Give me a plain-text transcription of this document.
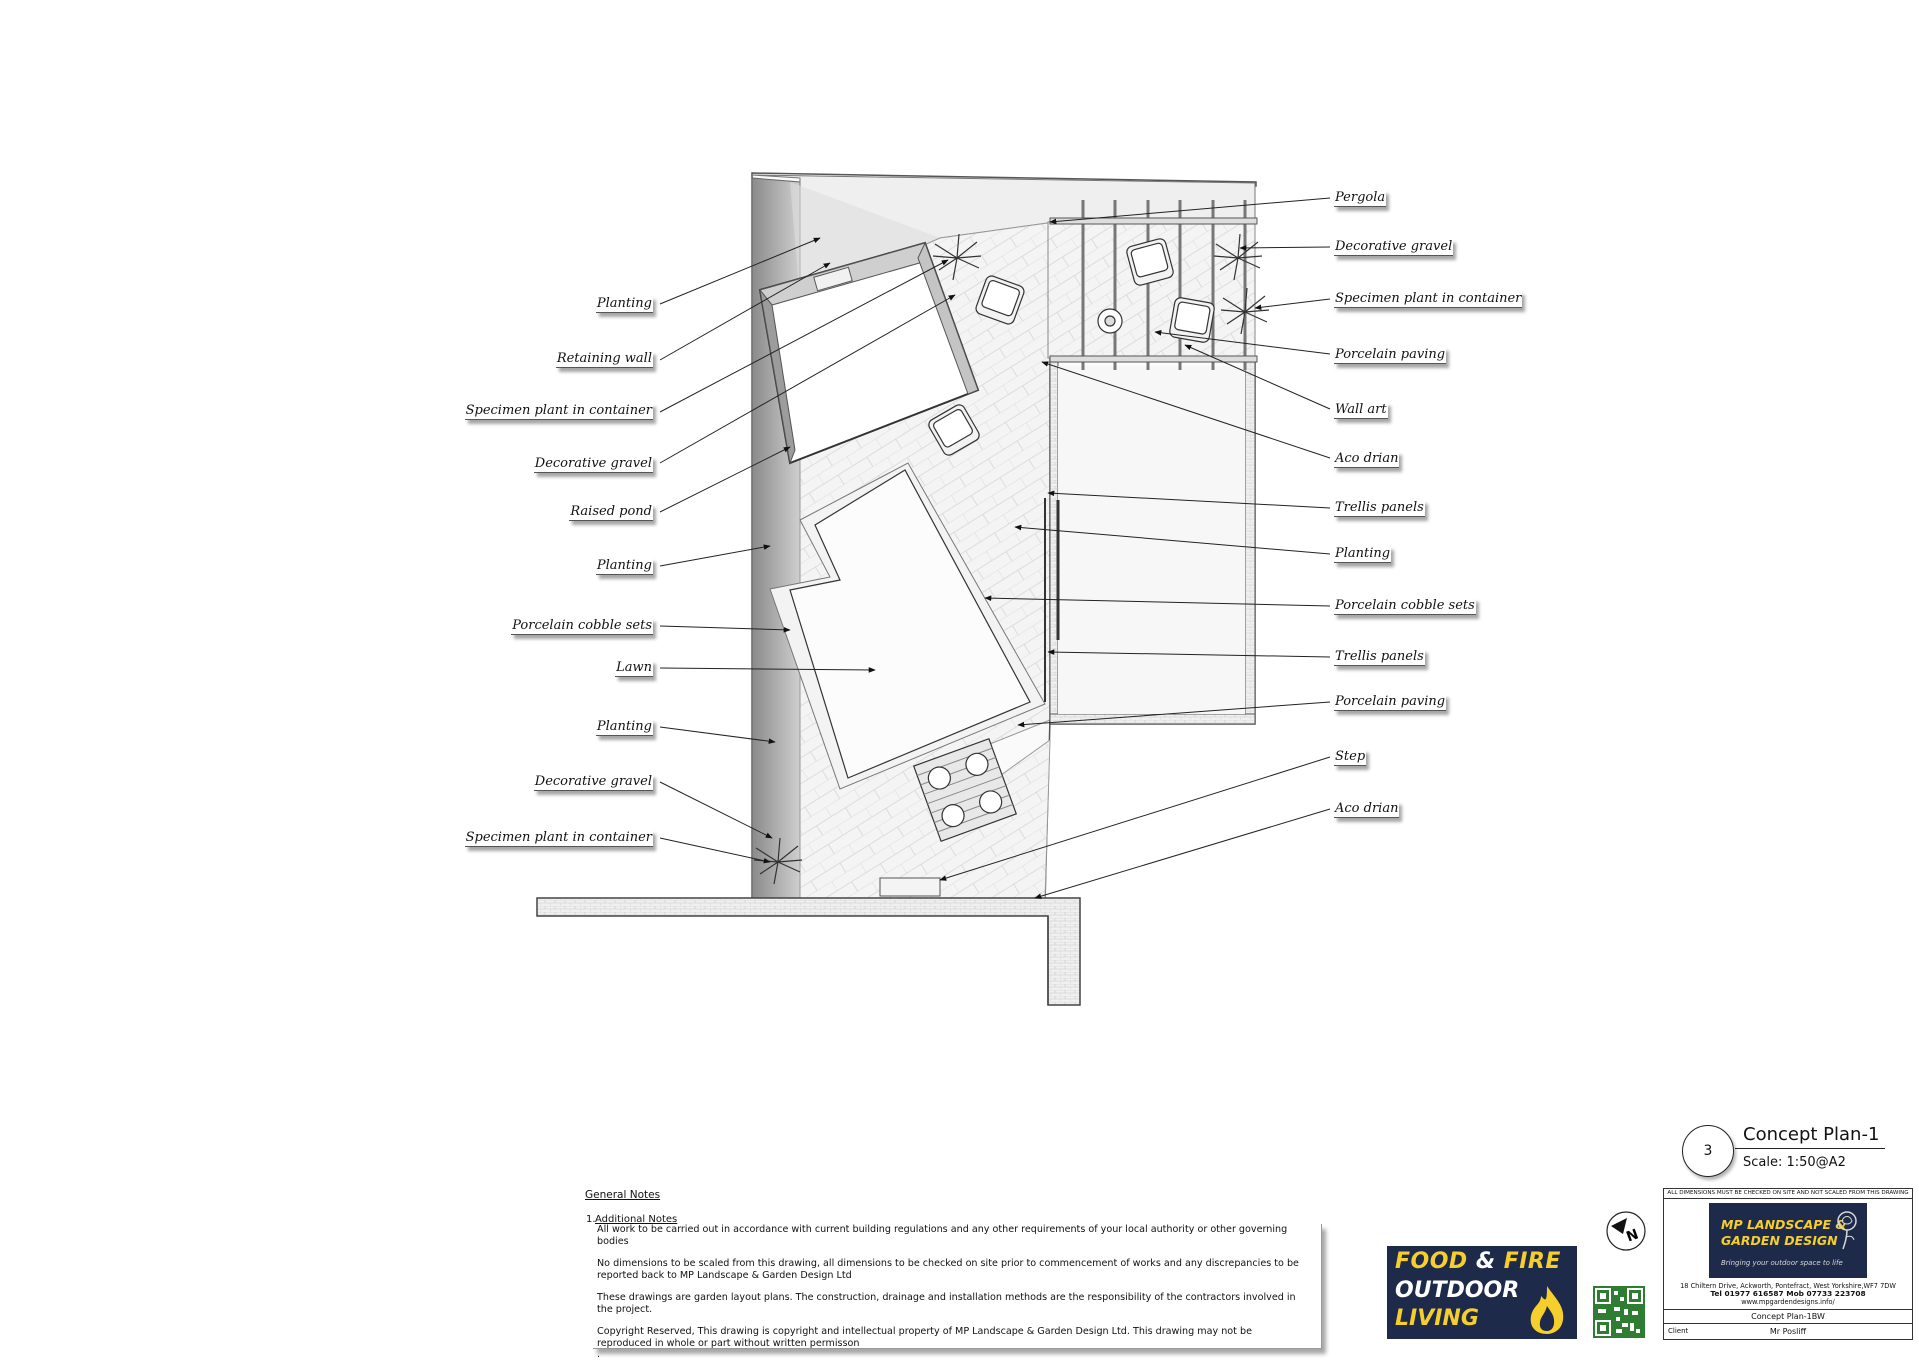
Planting
Retaining wall
Specimen plant in container
Decorative gravel
Raised pond
Planting
Porcelain cobble sets
Lawn
Planting
Decorative gravel
Specimen plant in container
Pergola
Decorative gravel
Specimen plant in container
Porcelain paving
Wall art
Aco drian
Trellis panels
Planting
Porcelain cobble sets
Trellis panels
Porcelain paving
Step
Aco drian
General Notes
1. Additional Notes

All work to be carried out in accordance with current building regulations and any other requirements of your local authority or other governing bodies

No dimensions to be scaled from this drawing, all dimensions to be checked on site prior to commencement of works and any discrepancies to be reported back to MP Landscape & Garden Design Ltd

These drawings are garden layout plans. The construction, drainage and installation methods are the responsibility of the contractors involved in the project.

Copyright Reserved, This drawing is copyright and intellectual property of MP Landscape & Garden Design Ltd. This drawing may not be reproduced in whole or part without written permisson

.

FOOD & FIRE
OUTDOOR
LIVING
N
3
Concept Plan-1
Scale: 1:50@A2
ALL DIMENSIONS MUST BE CHECKED ON SITE AND NOT SCALED FROM THIS DRAWING
MP LANDSCAPE &
GARDEN DESIGN
Bringing your outdoor space to life
18 Chiltern Drive, Ackworth, Pontefract, West Yorkshire,WF7 7DW
Tel 01977 616587 Mob 07733 223708
www.mpgardendesigns.info/
Concept Plan-1BW
Client	Mr Posliff
